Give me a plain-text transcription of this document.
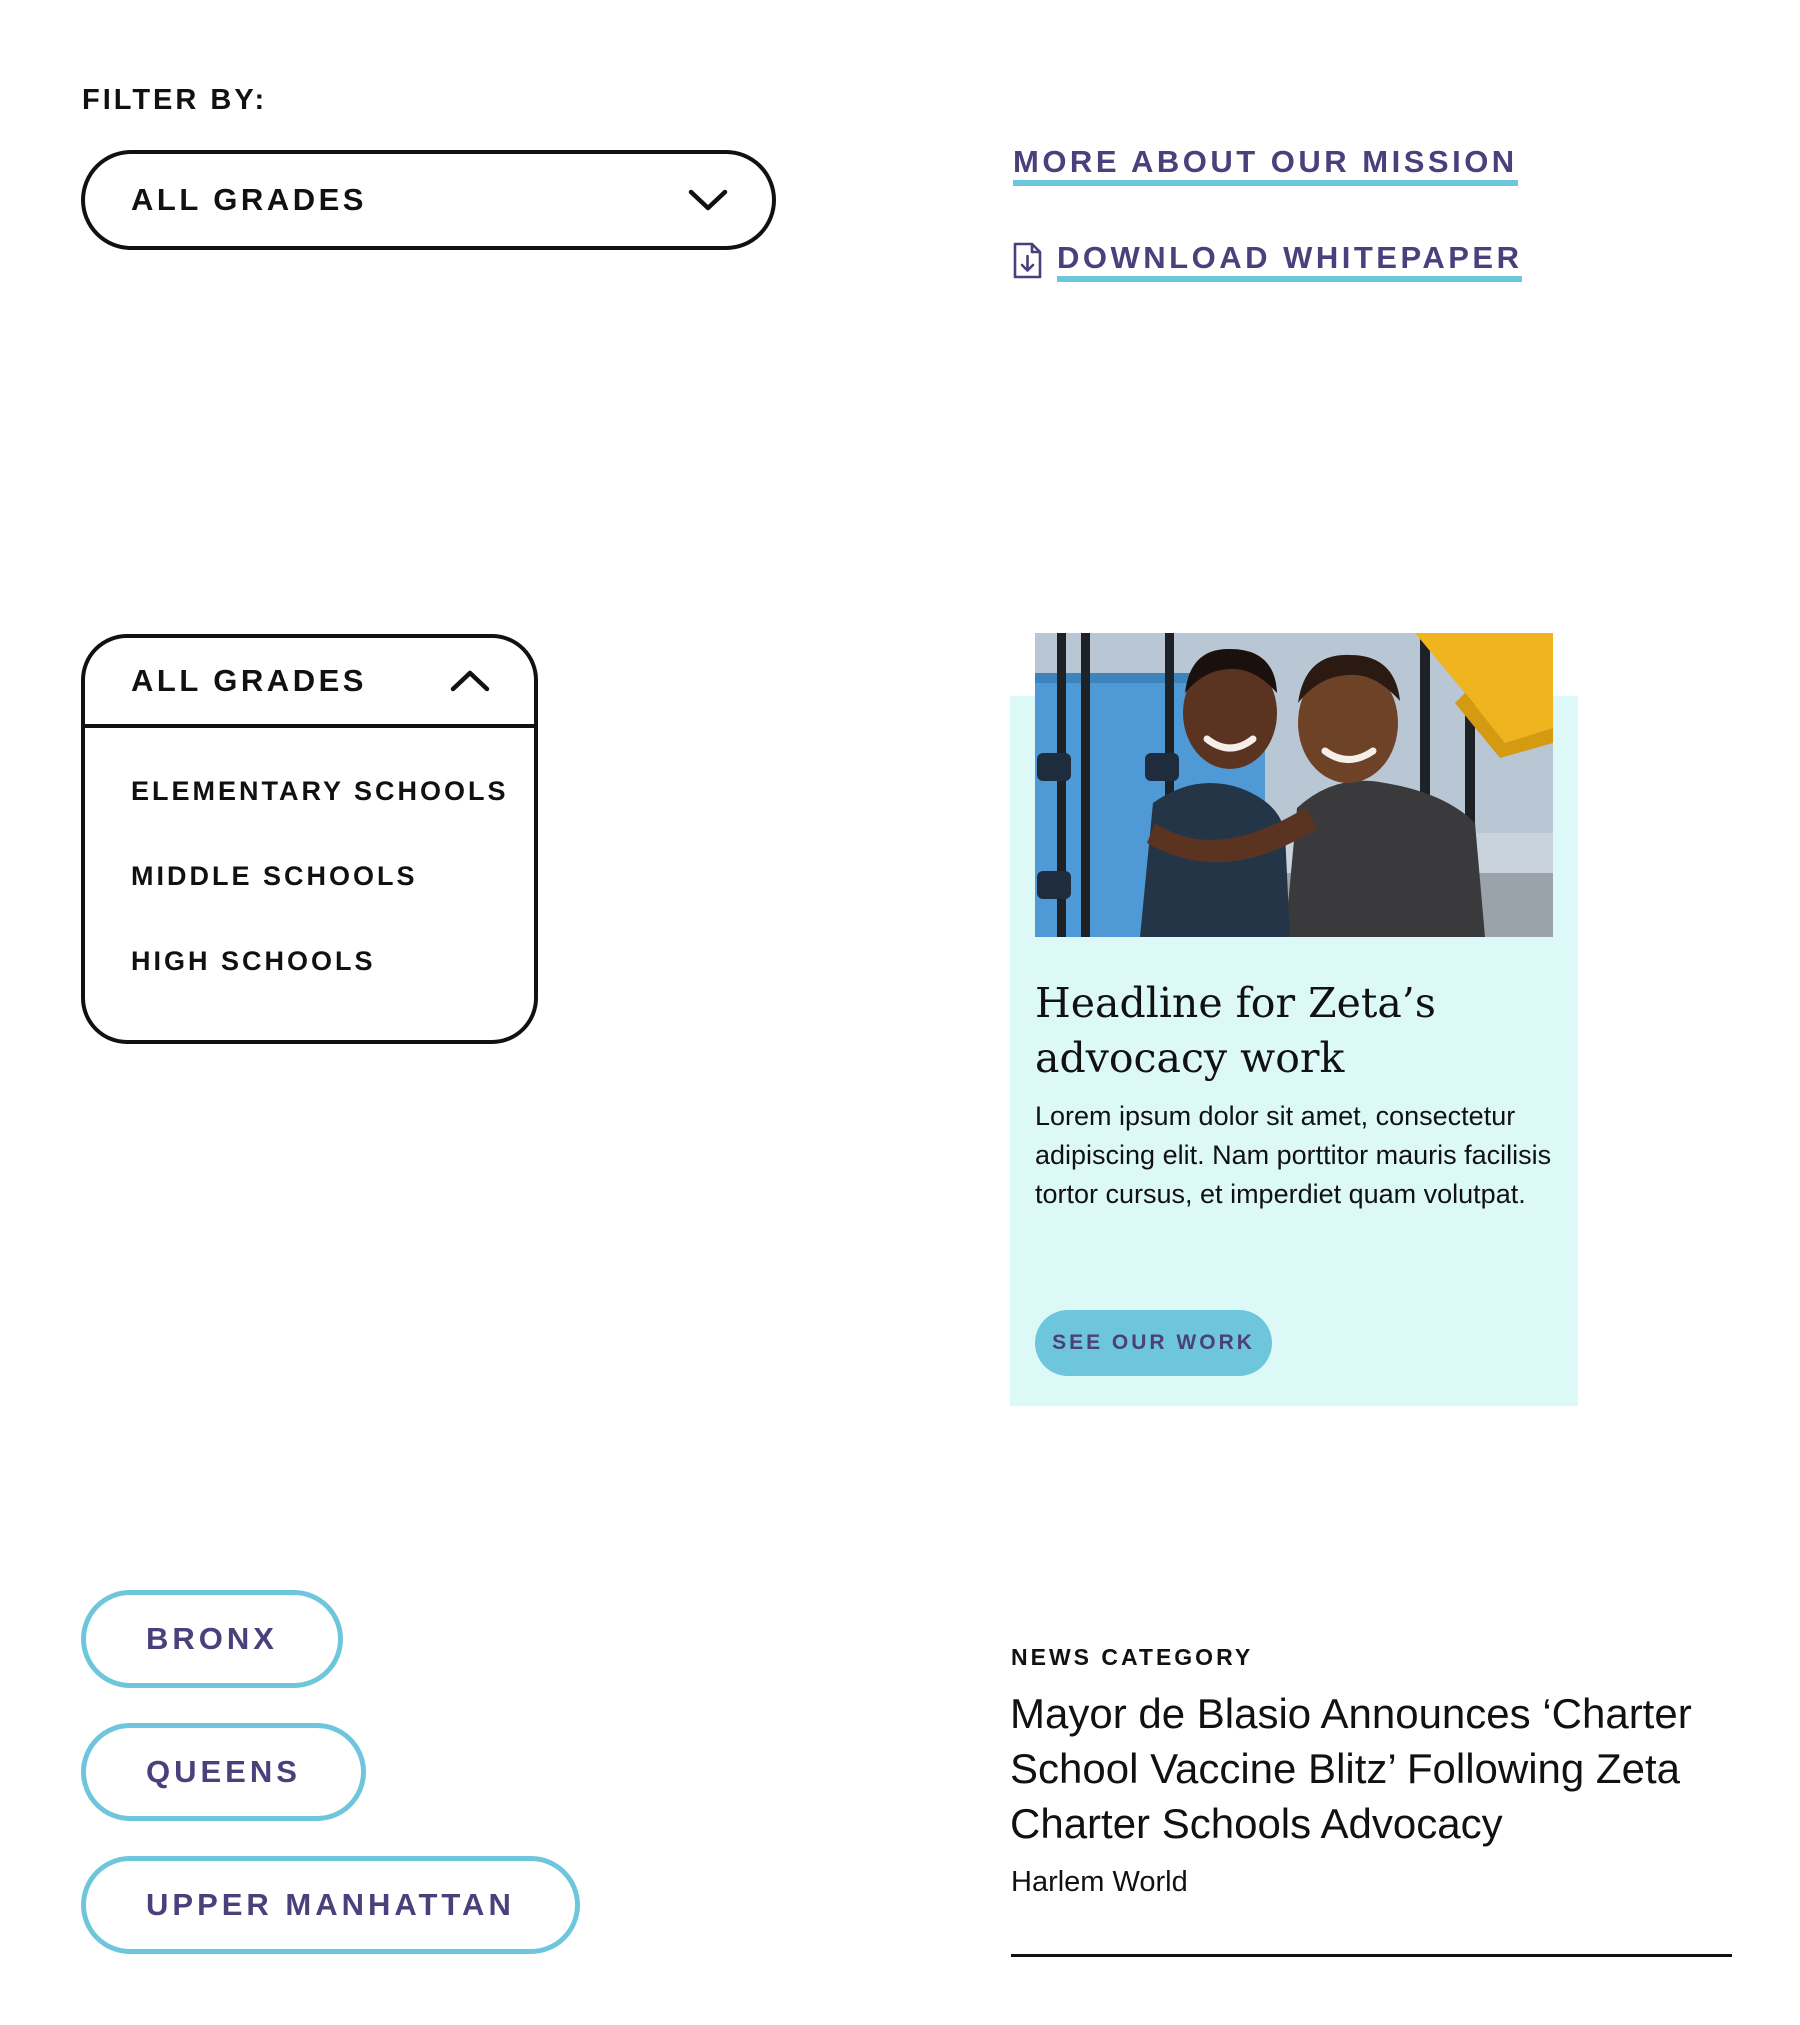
FILTER BY:
ALL GRADES
MORE ABOUT OUR MISSION
DOWNLOAD WHITEPAPER
ALL GRADES
ELEMENTARY SCHOOLS
MIDDLE SCHOOLS
HIGH SCHOOLS
Headline for Zeta’s advocacy work
Lorem ipsum dolor sit amet, consectetur adipiscing elit. Nam porttitor mauris facilisis tortor cursus, et imperdiet quam volutpat.
SEE OUR WORK
BRONX
QUEENS
UPPER MANHATTAN
NEWS CATEGORY
Mayor de Blasio Announces ‘Charter School Vaccine Blitz’ Following Zeta Charter Schools Advocacy
Harlem World
